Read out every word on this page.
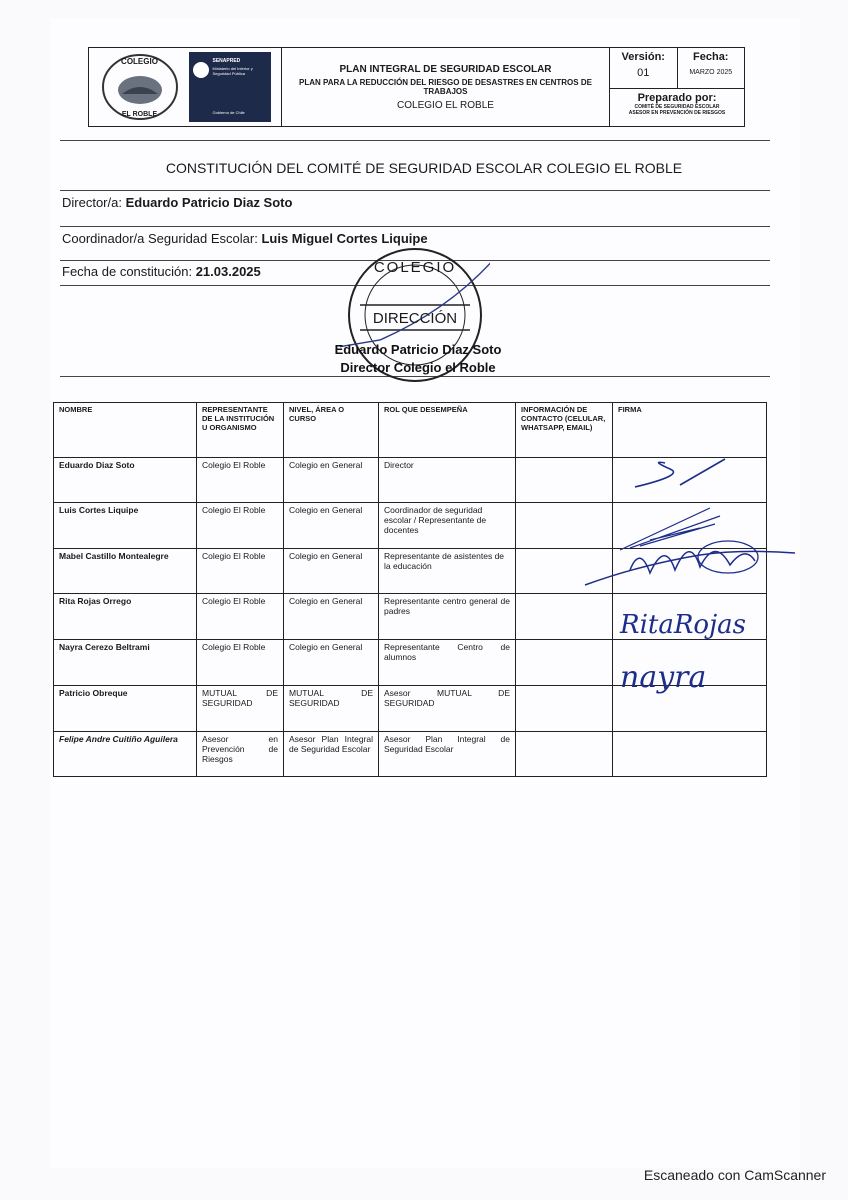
COLEGIO
EL ROBLE
SENAPRED
Ministerio del Interior y Seguridad Pública
Gobierno de Chile
PLAN INTEGRAL DE SEGURIDAD ESCOLAR
PLAN PARA LA REDUCCIÓN DEL RIESGO DE DESASTRES EN CENTROS DE TRABAJOS
COLEGIO EL ROBLE
Versión:
01
Fecha:
MARZO 2025
Preparado por:
COMITÉ DE SEGURIDAD ESCOLAR
ASESOR EN PREVENCIÓN DE RIESGOS
CONSTITUCIÓN DEL COMITÉ DE SEGURIDAD ESCOLAR COLEGIO EL ROBLE
Director/a: Eduardo Patricio Diaz Soto
Coordinador/a Seguridad Escolar: Luis Miguel Cortes Liquipe
Fecha de constitución: 21.03.2025	COLEGIO
DIRECCIÓN
Eduardo Patricio Diaz Soto
Director Colegio el Roble
NOMBRE	REPRESENTANTE DE LA INSTITUCIÓN U ORGANISMO	NIVEL, ÁREA O CURSO	ROL QUE DESEMPEÑA	INFORMACIÓN DE CONTACTO (CELULAR, WHATSAPP, EMAIL)	FIRMA
Eduardo Diaz Soto	Colegio El Roble	Colegio en General	Director		
Luis Cortes Liquipe	Colegio El Roble	Colegio en General	Coordinador de seguridad escolar / Representante de docentes		
Mabel Castillo Montealegre	Colegio El Roble	Colegio en General	Representante de asistentes de la educación		
Rita Rojas Orrego	Colegio El Roble	Colegio en General	Representante centro general de padres		
Nayra Cerezo Beltrami	Colegio El Roble	Colegio en General	Representante Centro de alumnos		
Patricio Obreque	MUTUAL DE SEGURIDAD	MUTUAL DE SEGURIDAD	Asesor MUTUAL DE SEGURIDAD		
Felipe Andre Cuitiño Aguilera	Asesor en Prevención de Riesgos	Asesor Plan Integral de Seguridad Escolar	Asesor Plan Integral de Seguridad Escolar		
RitaRojas
nayra
Escaneado con CamScanner
